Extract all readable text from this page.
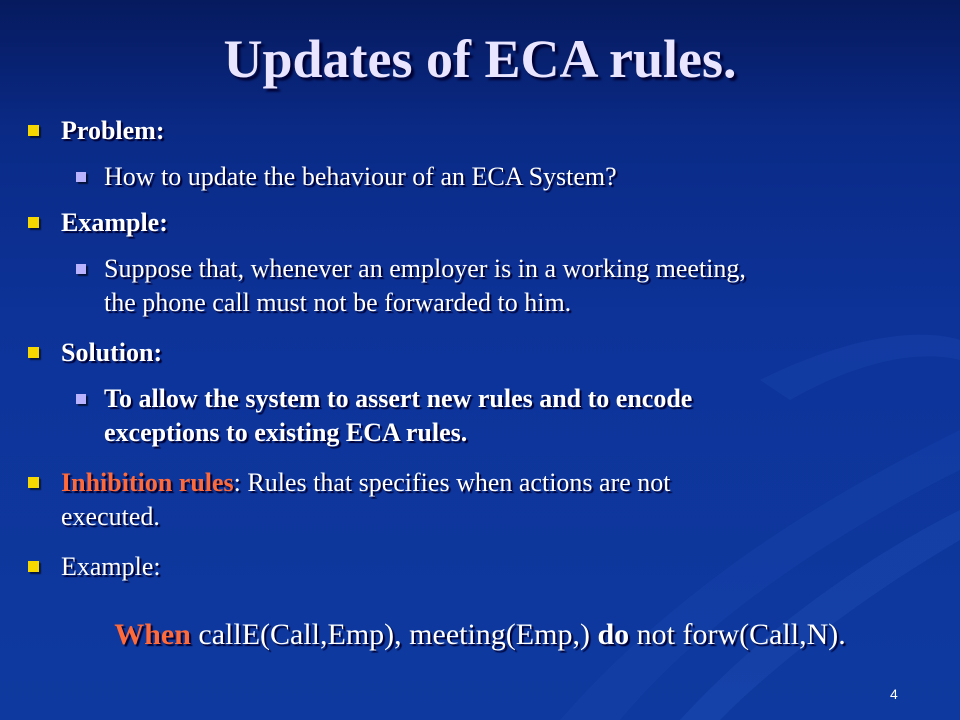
Updates of ECA rules.
Problem:
How to update the behaviour of an ECA System?
Example:
Suppose that, whenever an employer is in a working meeting,
the phone call must not be forwarded to him.
Solution:
To allow the system to assert new rules and to encode
exceptions to existing ECA rules.
Inhibition rules: Rules that specifies when actions are not
executed.
Example:
When callE(Call,Emp), meeting(Emp,) do not forw(Call,N).
4
